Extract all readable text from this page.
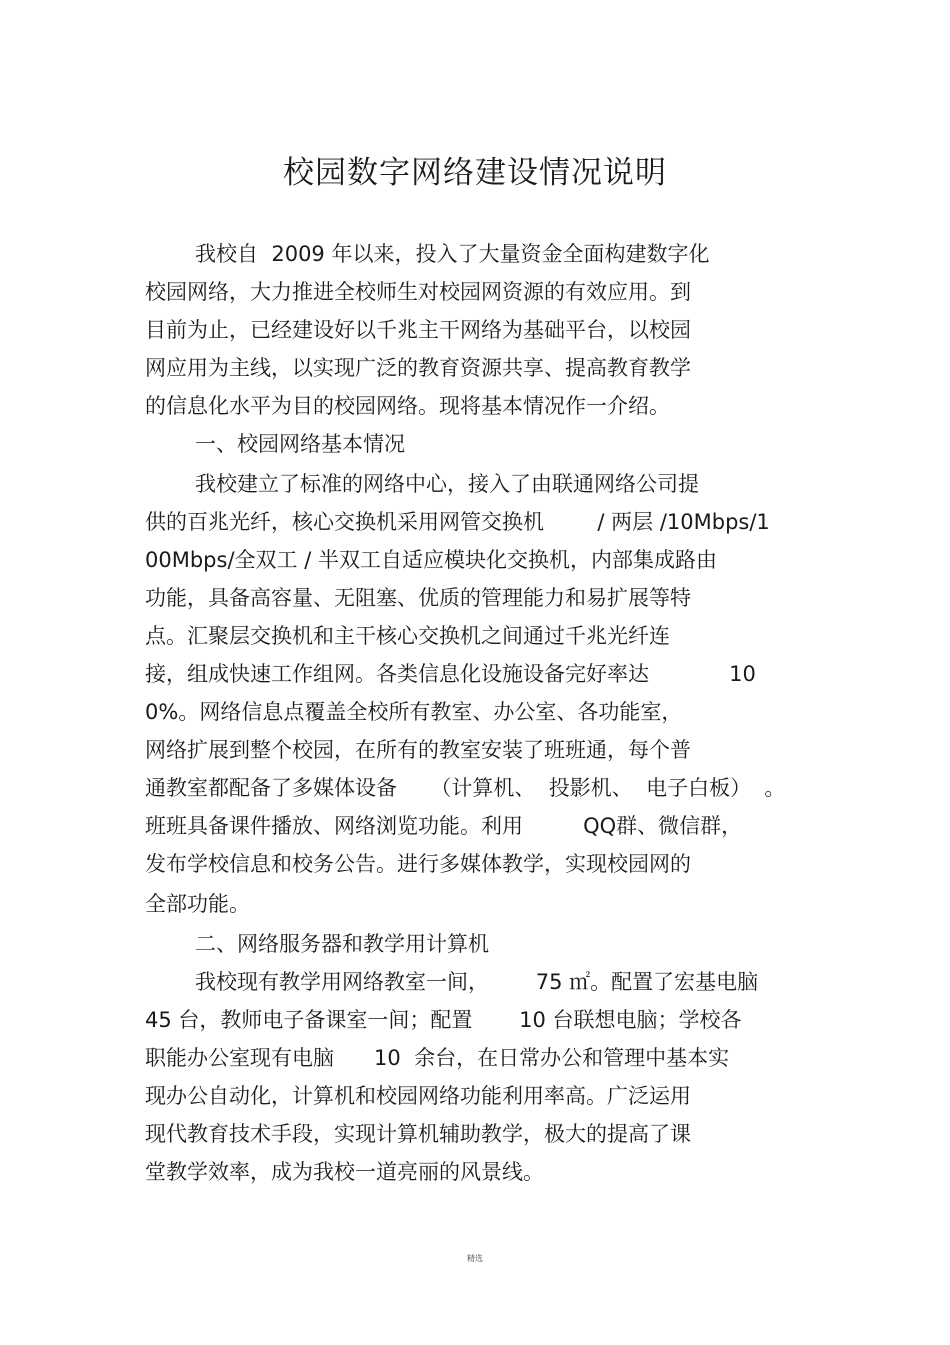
校园数字网络建设情况说明

我校自  2009 年以来，投入了大量资金全面构建数字化

校园网络，大力推进全校师生对校园网资源的有效应用。到

目前为止，已经建设好以千兆主干网络为基础平台，以校园

网应用为主线，以实现广泛的教育资源共享、提高教育教学

的信息化水平为目的校园网络。现将基本情况作一介绍。

一、校园网络基本情况

我校建立了标准的网络中心，接入了由联通网络公司提

供的百兆光纤，核心交换机采用网管交换机        / 两层 /10Mbps/1

00Mbps/全双工 / 半双工自适应模块化交换机，内部集成路由

功能，具备高容量、无阻塞、优质的管理能力和易扩展等特

点。汇聚层交换机和主干核心交换机之间通过千兆光纤连

接，组成快速工作组网。各类信息化设施设备完好率达            10

0%。网络信息点覆盖全校所有教室、办公室、各功能室，

网络扩展到整个校园，在所有的教室安装了班班通，每个普

通教室都配备了多媒体设备     （计算机、  投影机、  电子白板）  。

班班具备课件播放、网络浏览功能。利用         QQ群、微信群，

发布学校信息和校务公告。进行多媒体教学，实现校园网的

全部功能。

二、网络服务器和教学用计算机

我校现有教学用网络教室一间，       75 ㎡。配置了宏基电脑

45 台，教师电子备课室一间；配置       10 台联想电脑；学校各

职能办公室现有电脑      10  余台，在日常办公和管理中基本实

现办公自动化，计算机和校园网络功能利用率高。广泛运用

现代教育技术手段，实现计算机辅助教学，极大的提高了课

堂教学效率，成为我校一道亮丽的风景线。

精选
